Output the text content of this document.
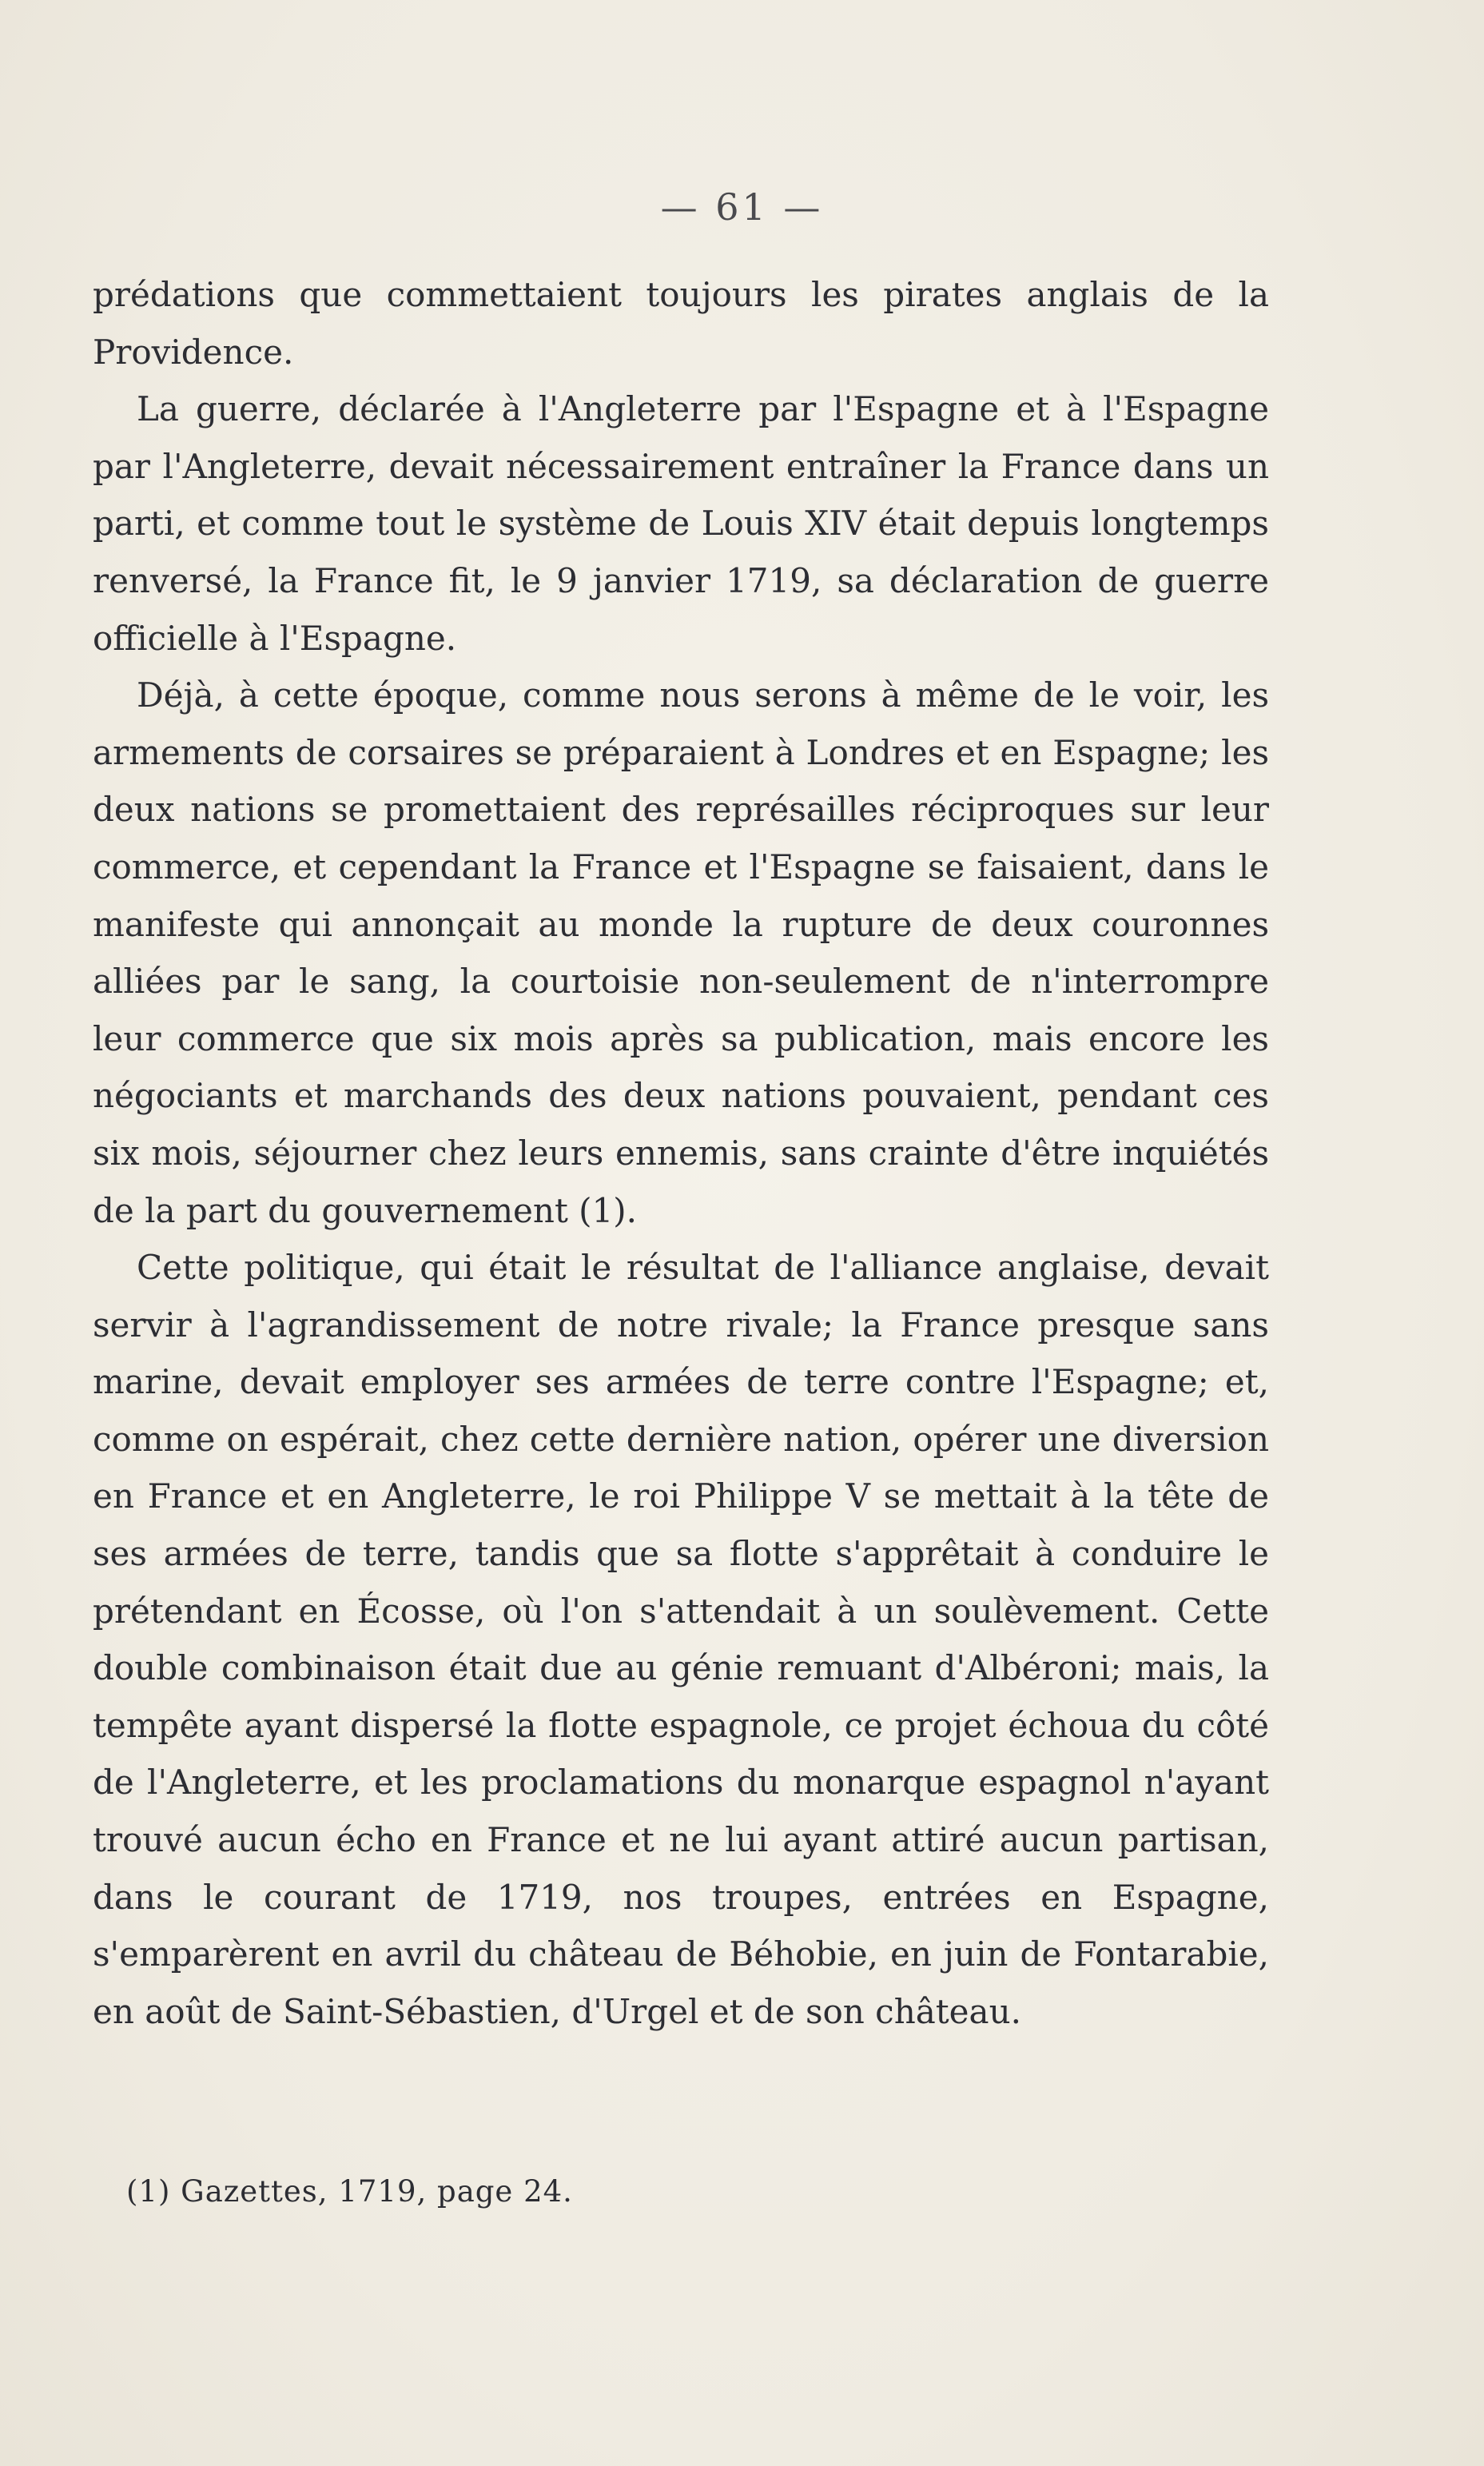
— 61 —

prédations que commettaient toujours les pirates anglais de la Providence.

La guerre, déclarée à l'Angleterre par l'Espagne et à l'Espagne par l'Angleterre, devait nécessairement entraîner la France dans un parti, et comme tout le système de Louis XIV était depuis longtemps renversé, la France fit, le 9 janvier 1719, sa déclaration de guerre officielle à l'Espagne.

Déjà, à cette époque, comme nous serons à même de le voir, les armements de corsaires se préparaient à Londres et en Espagne; les deux nations se promettaient des représailles réciproques sur leur commerce, et cependant la France et l'Espagne se faisaient, dans le manifeste qui annonçait au monde la rupture de deux couronnes alliées par le sang, la courtoisie non-seulement de n'interrompre leur commerce que six mois après sa publication, mais encore les négociants et marchands des deux nations pouvaient, pendant ces six mois, séjourner chez leurs ennemis, sans crainte d'être inquiétés de la part du gouvernement (1).

Cette politique, qui était le résultat de l'alliance anglaise, devait servir à l'agrandissement de notre rivale; la France presque sans marine, devait employer ses armées de terre contre l'Espagne; et, comme on espérait, chez cette dernière nation, opérer une diversion en France et en Angleterre, le roi Philippe V se mettait à la tête de ses armées de terre, tandis que sa flotte s'apprêtait à conduire le prétendant en Écosse, où l'on s'attendait à un soulèvement. Cette double combinaison était due au génie remuant d'Albéroni; mais, la tempête ayant dispersé la flotte espagnole, ce projet échoua du côté de l'Angleterre, et les proclamations du monarque espagnol n'ayant trouvé aucun écho en France et ne lui ayant attiré aucun partisan, dans le courant de 1719, nos troupes, entrées en Espagne, s'emparèrent en avril du château de Béhobie, en juin de Fontarabie, en août de Saint-Sébastien, d'Urgel et de son château.

(1) Gazettes, 1719, page 24.
